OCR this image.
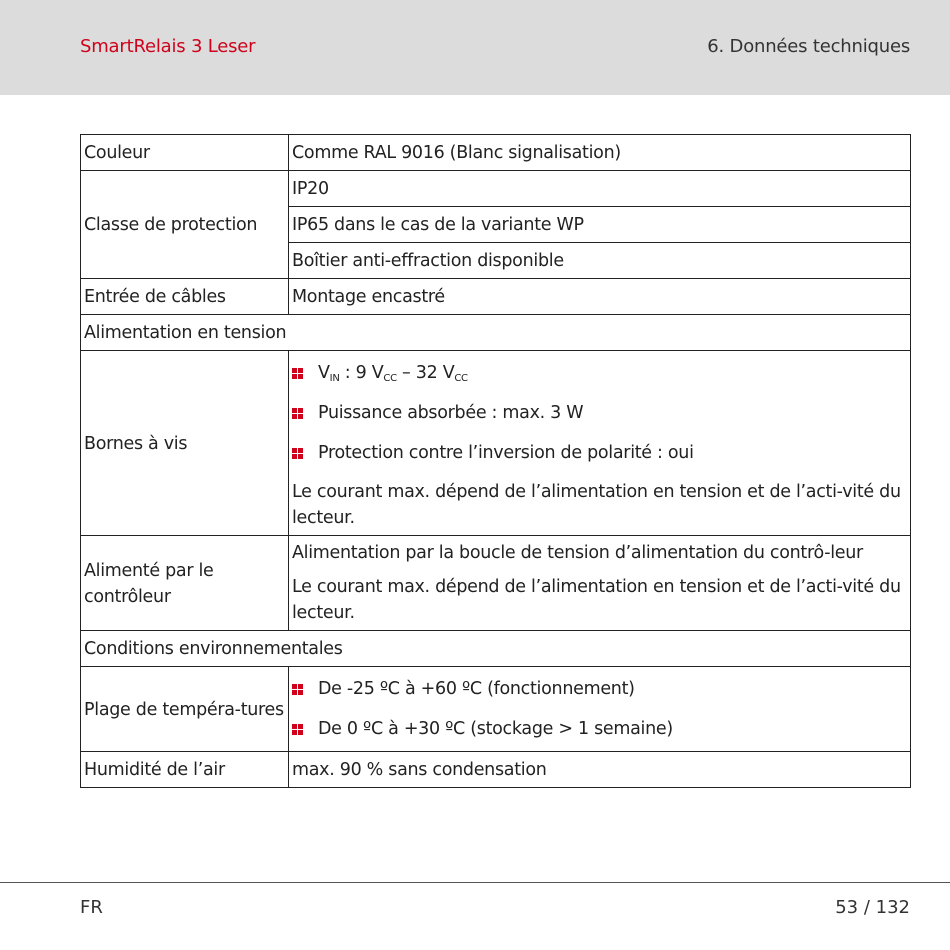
SmartRelais 3 Leser	6. Données techniques
Couleur	Comme RAL 9016 (Blanc signalisation)
Classe de protection	IP20
	IP65 dans le cas de la variante WP
	Boîtier anti-effraction disponible
Entrée de câbles	Montage encastré
Alimentation en tension	
Bornes à vis	$V_{IN}$ : 9 $V_{CC} - 32$ $V_{CC}$
Puissance absorbée : max. 3 W
Protection contre l’inversion de polarité : oui
Le courant max. dépend de l’alimentation en tension et de l’acti-vité du lecteur.

Alimenté par le contrôleur	Alimentation par la boucle de tension d’alimentation du contrô-leur
Le courant max. dépend de l’alimentation en tension et de l’acti-vité du lecteur.

Conditions environnementales	
Plage de tempéra-tures	De -25 ºC à +60 ºC (fonctionnement)
De 0 ºC à +30 ºC (stockage > 1 semaine)

Humidité de l’air	max. 90 % sans condensation
FR	53 / 132
